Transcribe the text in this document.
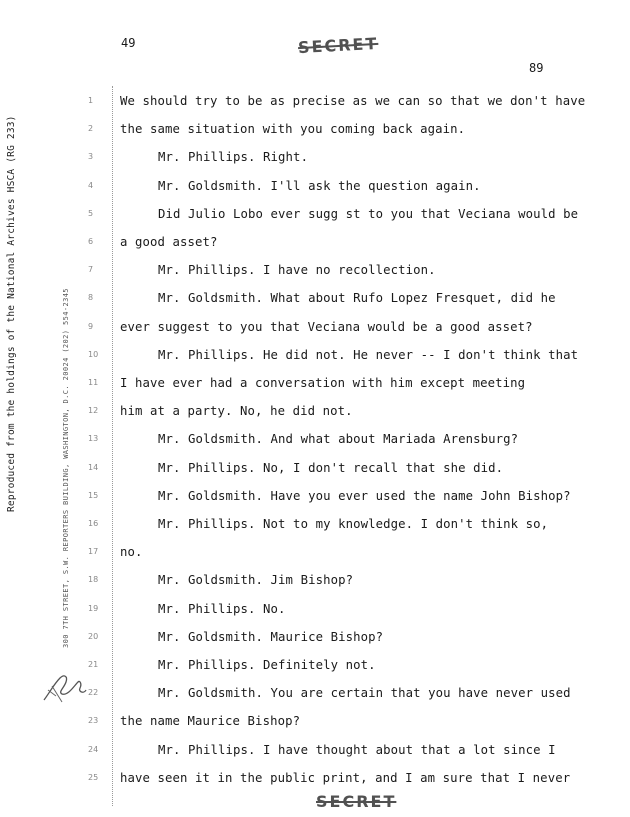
Reproduced from the holdings of the National Archives HSCA (RG 233)	300 7TH STREET, S.W. REPORTERS BUILDING, WASHINGTON, D.C. 20024 (202) 554-2345
49	SECRET
89
1
2
3
4
5
6
7
8
9
10
11
12
13
14
15
16
17
18
19
20
21
22
23
24
25
We should try to be as precise as we can so that we don't have
the same situation with you coming back again.
Mr. Phillips. Right.
Mr. Goldsmith. I'll ask the question again.
Did Julio Lobo ever sugg st to you that Veciana would be
a good asset?
Mr. Phillips. I have no recollection.
Mr. Goldsmith. What about Rufo Lopez Fresquet, did he
ever suggest to you that Veciana would be a good asset?
Mr. Phillips. He did not. He never -- I don't think that
I have ever had a conversation with him except meeting
him at a party. No, he did not.
Mr. Goldsmith. And what about Mariada Arensburg?
Mr. Phillips. No, I don't recall that she did.
Mr. Goldsmith. Have you ever used the name John Bishop?
Mr. Phillips. Not to my knowledge. I don't think so,
no.
Mr. Goldsmith. Jim Bishop?
Mr. Phillips. No.
Mr. Goldsmith. Maurice Bishop?
Mr. Phillips. Definitely not.
Mr. Goldsmith. You are certain that you have never used
the name Maurice Bishop?
Mr. Phillips. I have thought about that a lot since I
have seen it in the public print, and I am sure that I never
SECRET
